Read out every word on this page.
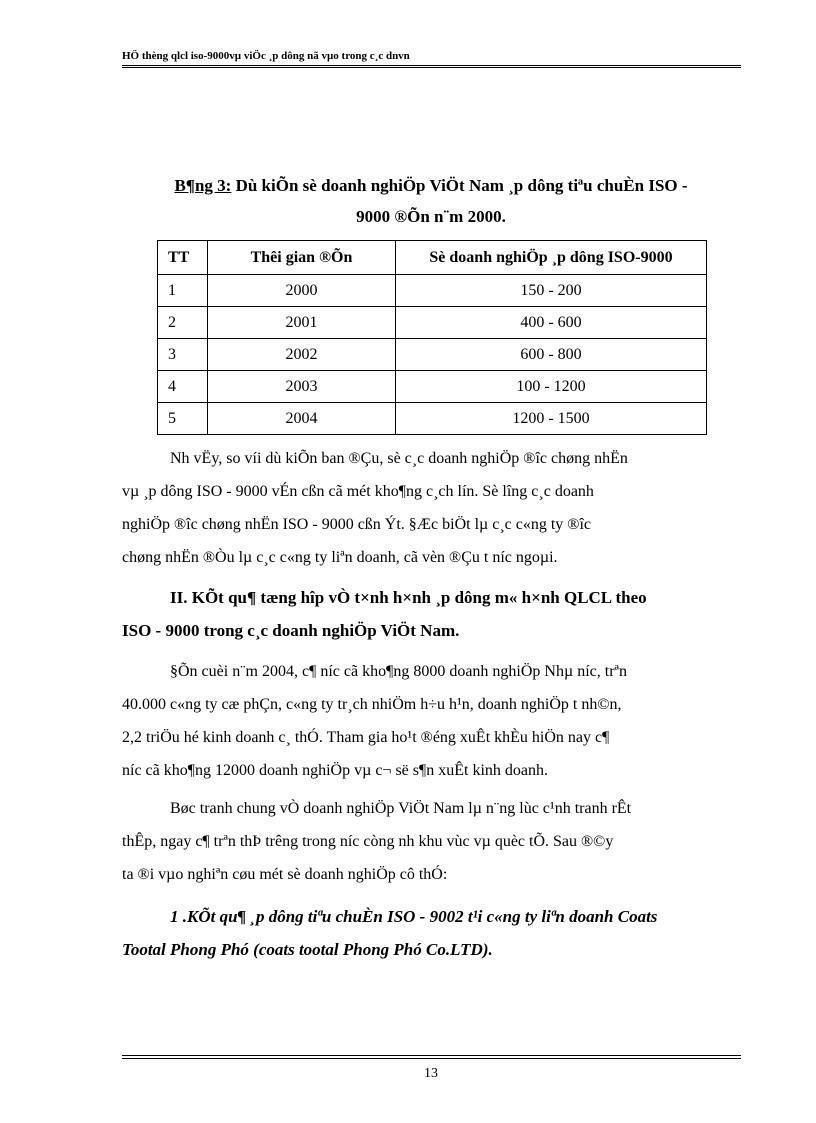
HÖ thèng qlcl iso-9000vµ viÖc ¸p dông nã vµo trong c¸c dnvn
B¶ng 3: Dù kiÕn sè doanh nghiÖp ViÖt Nam ¸p dông tiªu chuÈn ISO -
9000 ®Õn n¨m 2000.
TT	Thêi gian ®Õn	Sè doanh nghiÖp ¸p dông ISO-9000
1	2000	150 - 200
2	2001	400 - 600
3	2002	600 - 800
4	2003	100 - 1200
5	2004	1200 - 1500
Nh vËy, so víi dù kiÕn ban ®Çu, sè c¸c doanh nghiÖp ®îc chøng nhËn
vµ ¸p dông ISO - 9000 vÉn cßn cã mét kho¶ng c¸ch lín. Sè lîng c¸c doanh
nghiÖp ®îc chøng nhËn ISO - 9000 cßn Ýt. §Æc biÖt lµ c¸c c«ng ty ®îc
chøng nhËn ®Òu lµ c¸c c«ng ty liªn doanh, cã vèn ®Çu t níc ngoµi.
II. KÕt qu¶ tæng hîp vÒ t×nh h×nh ¸p dông m« h×nh QLCL theo
ISO - 9000 trong c¸c doanh nghiÖp ViÖt Nam.
§Õn cuèi n¨m 2004, c¶ níc cã kho¶ng 8000 doanh nghiÖp Nhµ níc, trªn
40.000 c«ng ty cæ phÇn, c«ng ty tr¸ch nhiÖm h÷u h¹n, doanh nghiÖp t nh©n,
2,2 triÖu hé kinh doanh c¸ thÓ. Tham gia ho¹t ®éng xuÊt khÈu hiÖn nay c¶
níc cã kho¶ng 12000 doanh nghiÖp vµ c¬ së s¶n xuÊt kinh doanh.
Bøc tranh chung vÒ doanh nghiÖp ViÖt Nam lµ n¨ng lùc c¹nh tranh rÊt
thÊp, ngay c¶ trªn thÞ trêng trong níc còng nh khu vùc vµ quèc tÕ. Sau ®©y
ta ®i vµo nghiªn cøu mét sè doanh nghiÖp cô thÓ:
1 .KÕt qu¶ ¸p dông tiªu chuÈn ISO - 9002 t¹i c«ng ty liªn doanh Coats
Tootal Phong Phó (coats tootal Phong Phó Co.LTD).
13
